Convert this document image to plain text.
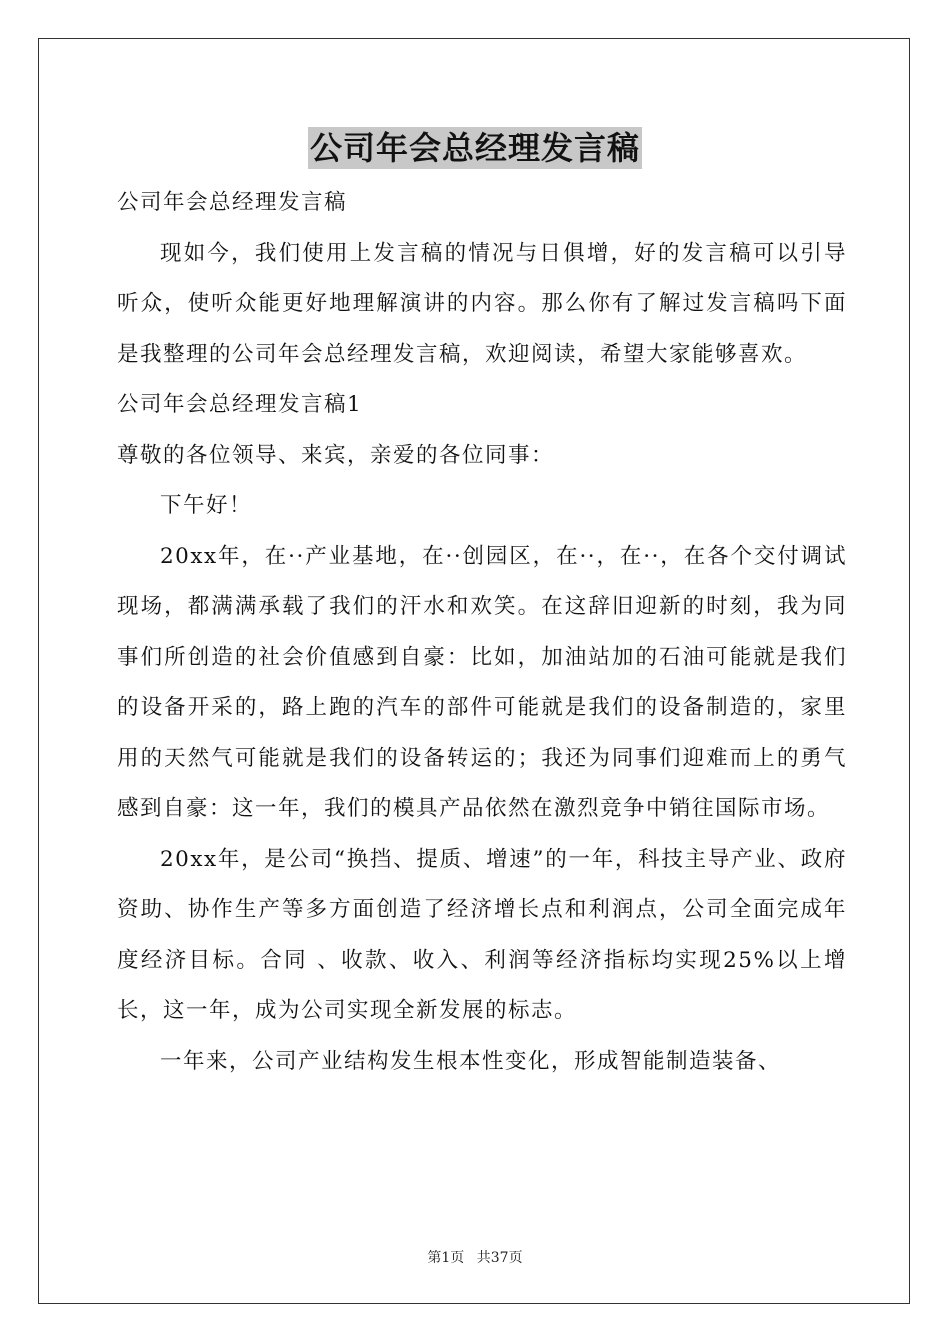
公司年会总经理发言稿

公司年会总经理发言稿

现如今，我们使用上发言稿的情况与日俱增，好的发言稿可以引导听众，使听众能更好地理解演讲的内容。那么你有了解过发言稿吗下面是我整理的公司年会总经理发言稿，欢迎阅读，希望大家能够喜欢。

公司年会总经理发言稿1

尊敬的各位领导、来宾，亲爱的各位同事：

下午好！

20xx年，在··产业基地，在··创园区，在··，在··，在各个交付调试现场，都满满承载了我们的汗水和欢笑。在这辞旧迎新的时刻，我为同事们所创造的社会价值感到自豪：比如，加油站加的石油可能就是我们的设备开采的，路上跑的汽车的部件可能就是我们的设备制造的，家里用的天然气可能就是我们的设备转运的；我还为同事们迎难而上的勇气感到自豪：这一年，我们的模具产品依然在激烈竞争中销往国际市场。

20xx年，是公司“换挡、提质、增速”的一年，科技主导产业、政府资助、协作生产等多方面创造了经济增长点和利润点，公司全面完成年度经济目标。合同 、收款、收入、利润等经济指标均实现25%以上增长，这一年，成为公司实现全新发展的标志。

一年来，公司产业结构发生根本性变化，形成智能制造装备、

第1页 共37页
